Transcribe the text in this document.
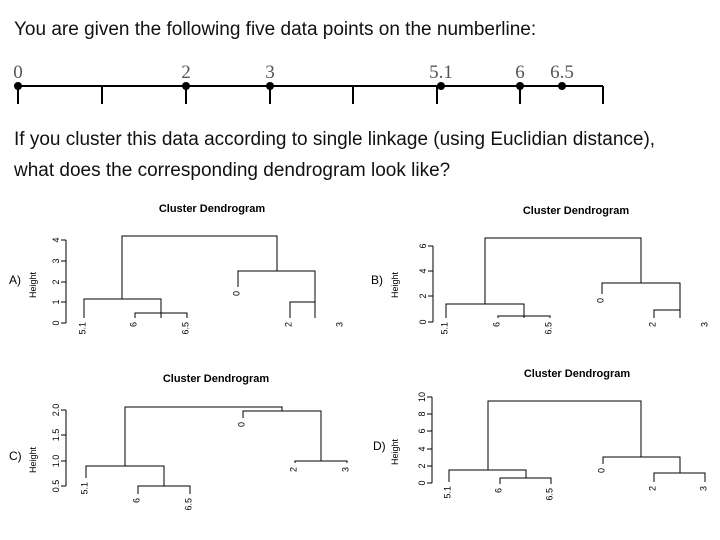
You are given the following five data points on the numberline:
If you cluster this data according to single linkage (using Euclidian distance),
what does the corresponding dendrogram look like?
0	2	3	5.1	6 6.5
A)
Cluster Dendrogram
Height
0
1
2
3
4
5.1	6	6.5
0
2	3
B)
Cluster Dendrogram
Height
0
2
4
6
5.1	6	6.5
0
2	3
C)
Cluster Dendrogram
Height
0.5
1.0
1.5
2.0
5.1
6	6.5
0
2	3
D)
Cluster Dendrogram
Height
0
2
4
6
8
10
5.1	6	6.5
0
2	3
